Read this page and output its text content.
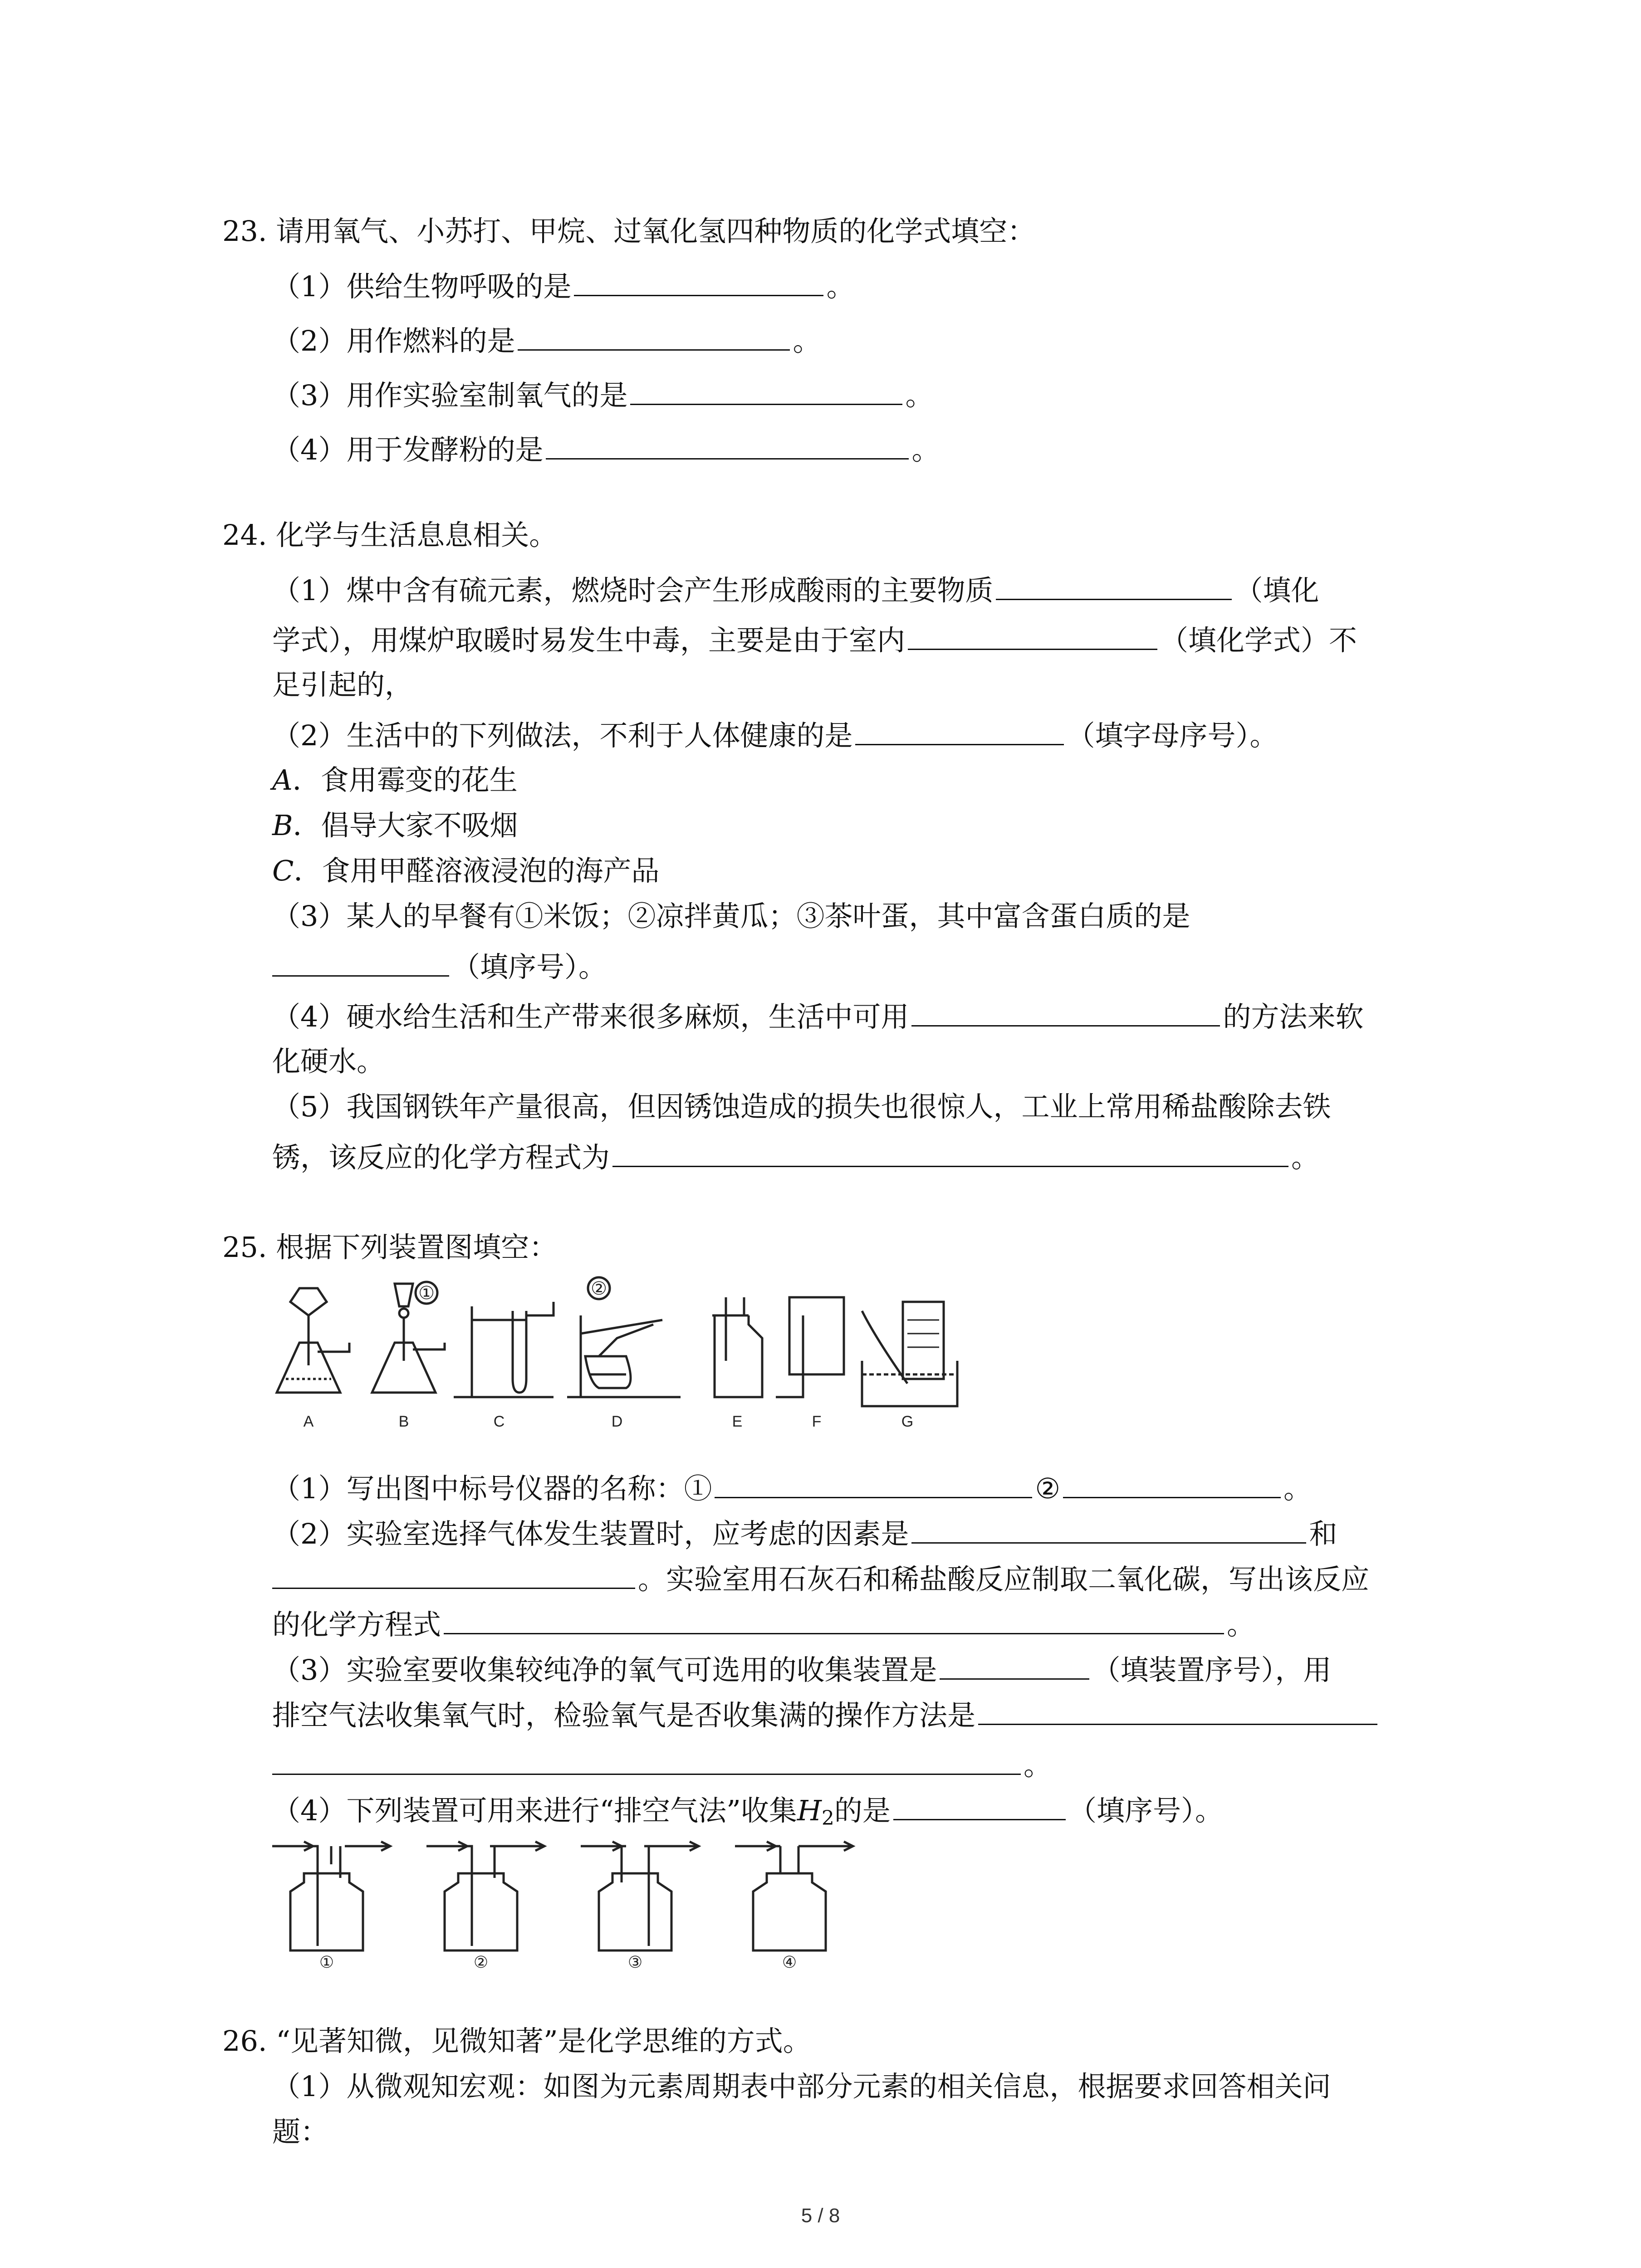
23. 请用氧气、小苏打、甲烷、过氧化氢四种物质的化学式填空：
（1）供给生物呼吸的是	。
（2）用作燃料的是	。
（3）用作实验室制氧气的是	。
（4）用于发酵粉的是	。
24. 化学与生活息息相关。
（1）煤中含有硫元素，燃烧时会产生形成酸雨的主要物质	（填化
学式），用煤炉取暖时易发生中毒，主要是由于室内	（填化学式）不
足引起的，
（2）生活中的下列做法，不利于人体健康的是	（填字母序号）。
A．食用霉变的花生
B．倡导大家不吸烟
C．食用甲醛溶液浸泡的海产品
（3）某人的早餐有①米饭；②凉拌黄瓜；③茶叶蛋，其中富含蛋白质的是
（填序号）。
（4）硬水给生活和生产带来很多麻烦，生活中可用	的方法来软
化硬水。
（5）我国钢铁年产量很高，但因锈蚀造成的损失也很惊人，工业上常用稀盐酸除去铁
锈，该反应的化学方程式为	。
25. 根据下列装置图填空：
A	B	C	D	E	F	G
①	②
（1）写出图中标号仪器的名称：①	②	。
（2）实验室选择气体发生装置时，应考虑的因素是	和
。实验室用石灰石和稀盐酸反应制取二氧化碳，写出该反应
的化学方程式	。
（3）实验室要收集较纯净的氧气可选用的收集装置是	（填装置序号），用
排空气法收集氧气时，检验氧气是否收集满的操作方法是
。
（4）下列装置可用来进行“排空气法”收集$H_2$的是	（填序号）。
①	②	③	④
26. “见著知微，见微知著”是化学思维的方式。
（1）从微观知宏观：如图为元素周期表中部分元素的相关信息，根据要求回答相关问
题：
5 / 8
